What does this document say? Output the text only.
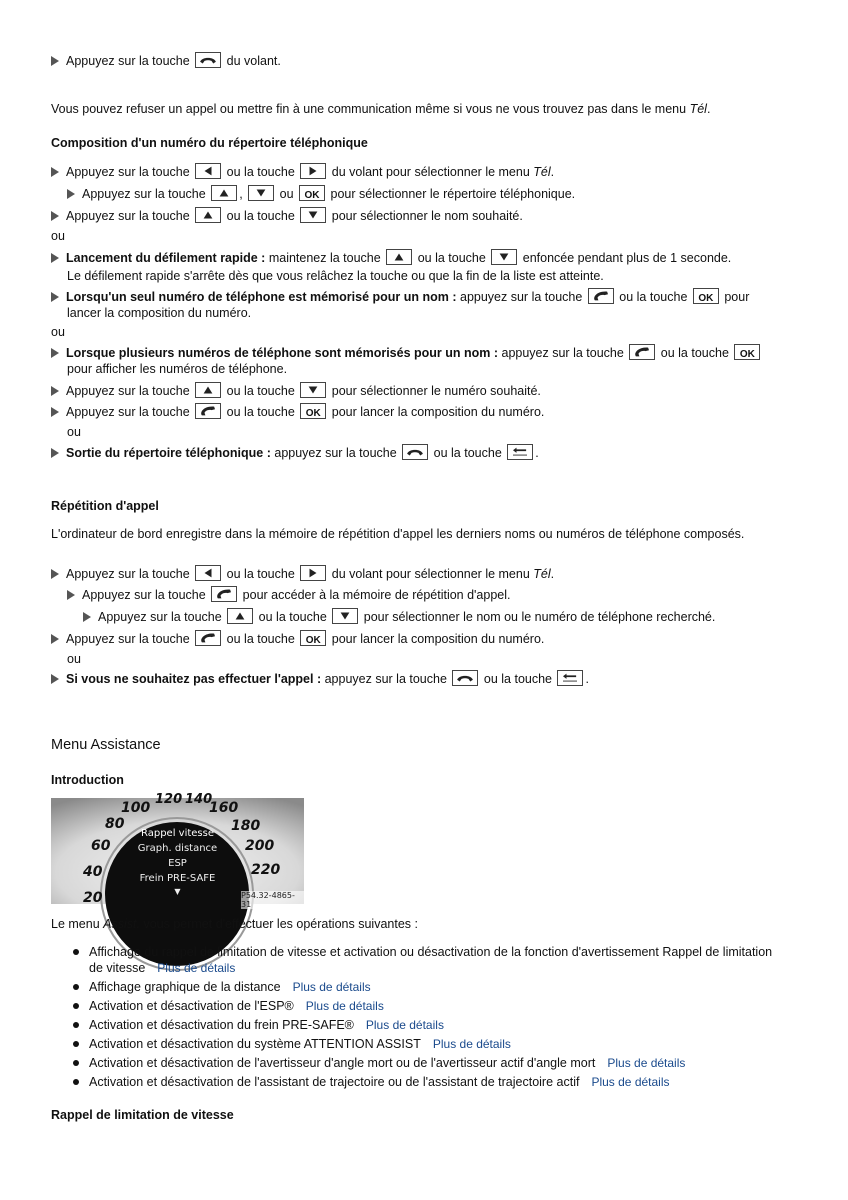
Appuyez sur la touche	du volant.
Vous pouvez refuser un appel ou mettre fin à une communication même si vous ne vous trouvez pas dans le menu Tél.
Composition d'un numéro du répertoire téléphonique
Appuyez sur la touche	ou la touche	du volant pour sélectionner le menu Tél.
Appuyez sur la touche	,	ou OK pour sélectionner le répertoire téléphonique.
Appuyez sur la touche	ou la touche	pour sélectionner le nom souhaité.
ou
Lancement du défilement rapide : maintenez la touche	ou la touche	enfoncée pendant plus de 1 seconde.
Le défilement rapide s'arrête dès que vous relâchez la touche ou que la fin de la liste est atteinte.
Lorsqu'un seul numéro de téléphone est mémorisé pour un nom : appuyez sur la touche	ou la touche OK pour
lancer la composition du numéro.
ou
Lorsque plusieurs numéros de téléphone sont mémorisés pour un nom : appuyez sur la touche	ou la touche OK
pour afficher les numéros de téléphone.
Appuyez sur la touche	ou la touche	pour sélectionner le numéro souhaité.
Appuyez sur la touche	ou la touche OK pour lancer la composition du numéro.
ou
Sortie du répertoire téléphonique : appuyez sur la touche	ou la touche	.
Répétition d'appel
L'ordinateur de bord enregistre dans la mémoire de répétition d'appel les derniers noms ou numéros de téléphone composés.
Appuyez sur la touche	ou la touche	du volant pour sélectionner le menu Tél.
Appuyez sur la touche	pour accéder à la mémoire de répétition d'appel.
Appuyez sur la touche	ou la touche	pour sélectionner le nom ou le numéro de téléphone recherché.
Appuyez sur la touche	ou la touche OK pour lancer la composition du numéro.
ou
Si vous ne souhaitez pas effectuer l'appel : appuyez sur la touche	ou la touche	.
Menu Assistance
Introduction
100
120 140
160
80	180
60	200
40	220
20
Rappel vitesse
Graph. distance
ESP
Frein PRE-SAFE
▼	P54.32-4865-31
Le menu Assist. vous permet d'effectuer les opérations suivantes :
Affichage du rappel de limitation de vitesse et activation ou désactivation de la fonction d'avertissement Rappel de limitation
de vitesse Plus de détails
Affichage graphique de la distance Plus de détails
Activation et désactivation de l'ESP® Plus de détails
Activation et désactivation du frein PRE-SAFE® Plus de détails
Activation et désactivation du système ATTENTION ASSIST Plus de détails
Activation et désactivation de l'avertisseur d'angle mort ou de l'avertisseur actif d'angle mort Plus de détails
Activation et désactivation de l'assistant de trajectoire ou de l'assistant de trajectoire actif Plus de détails
Rappel de limitation de vitesse
